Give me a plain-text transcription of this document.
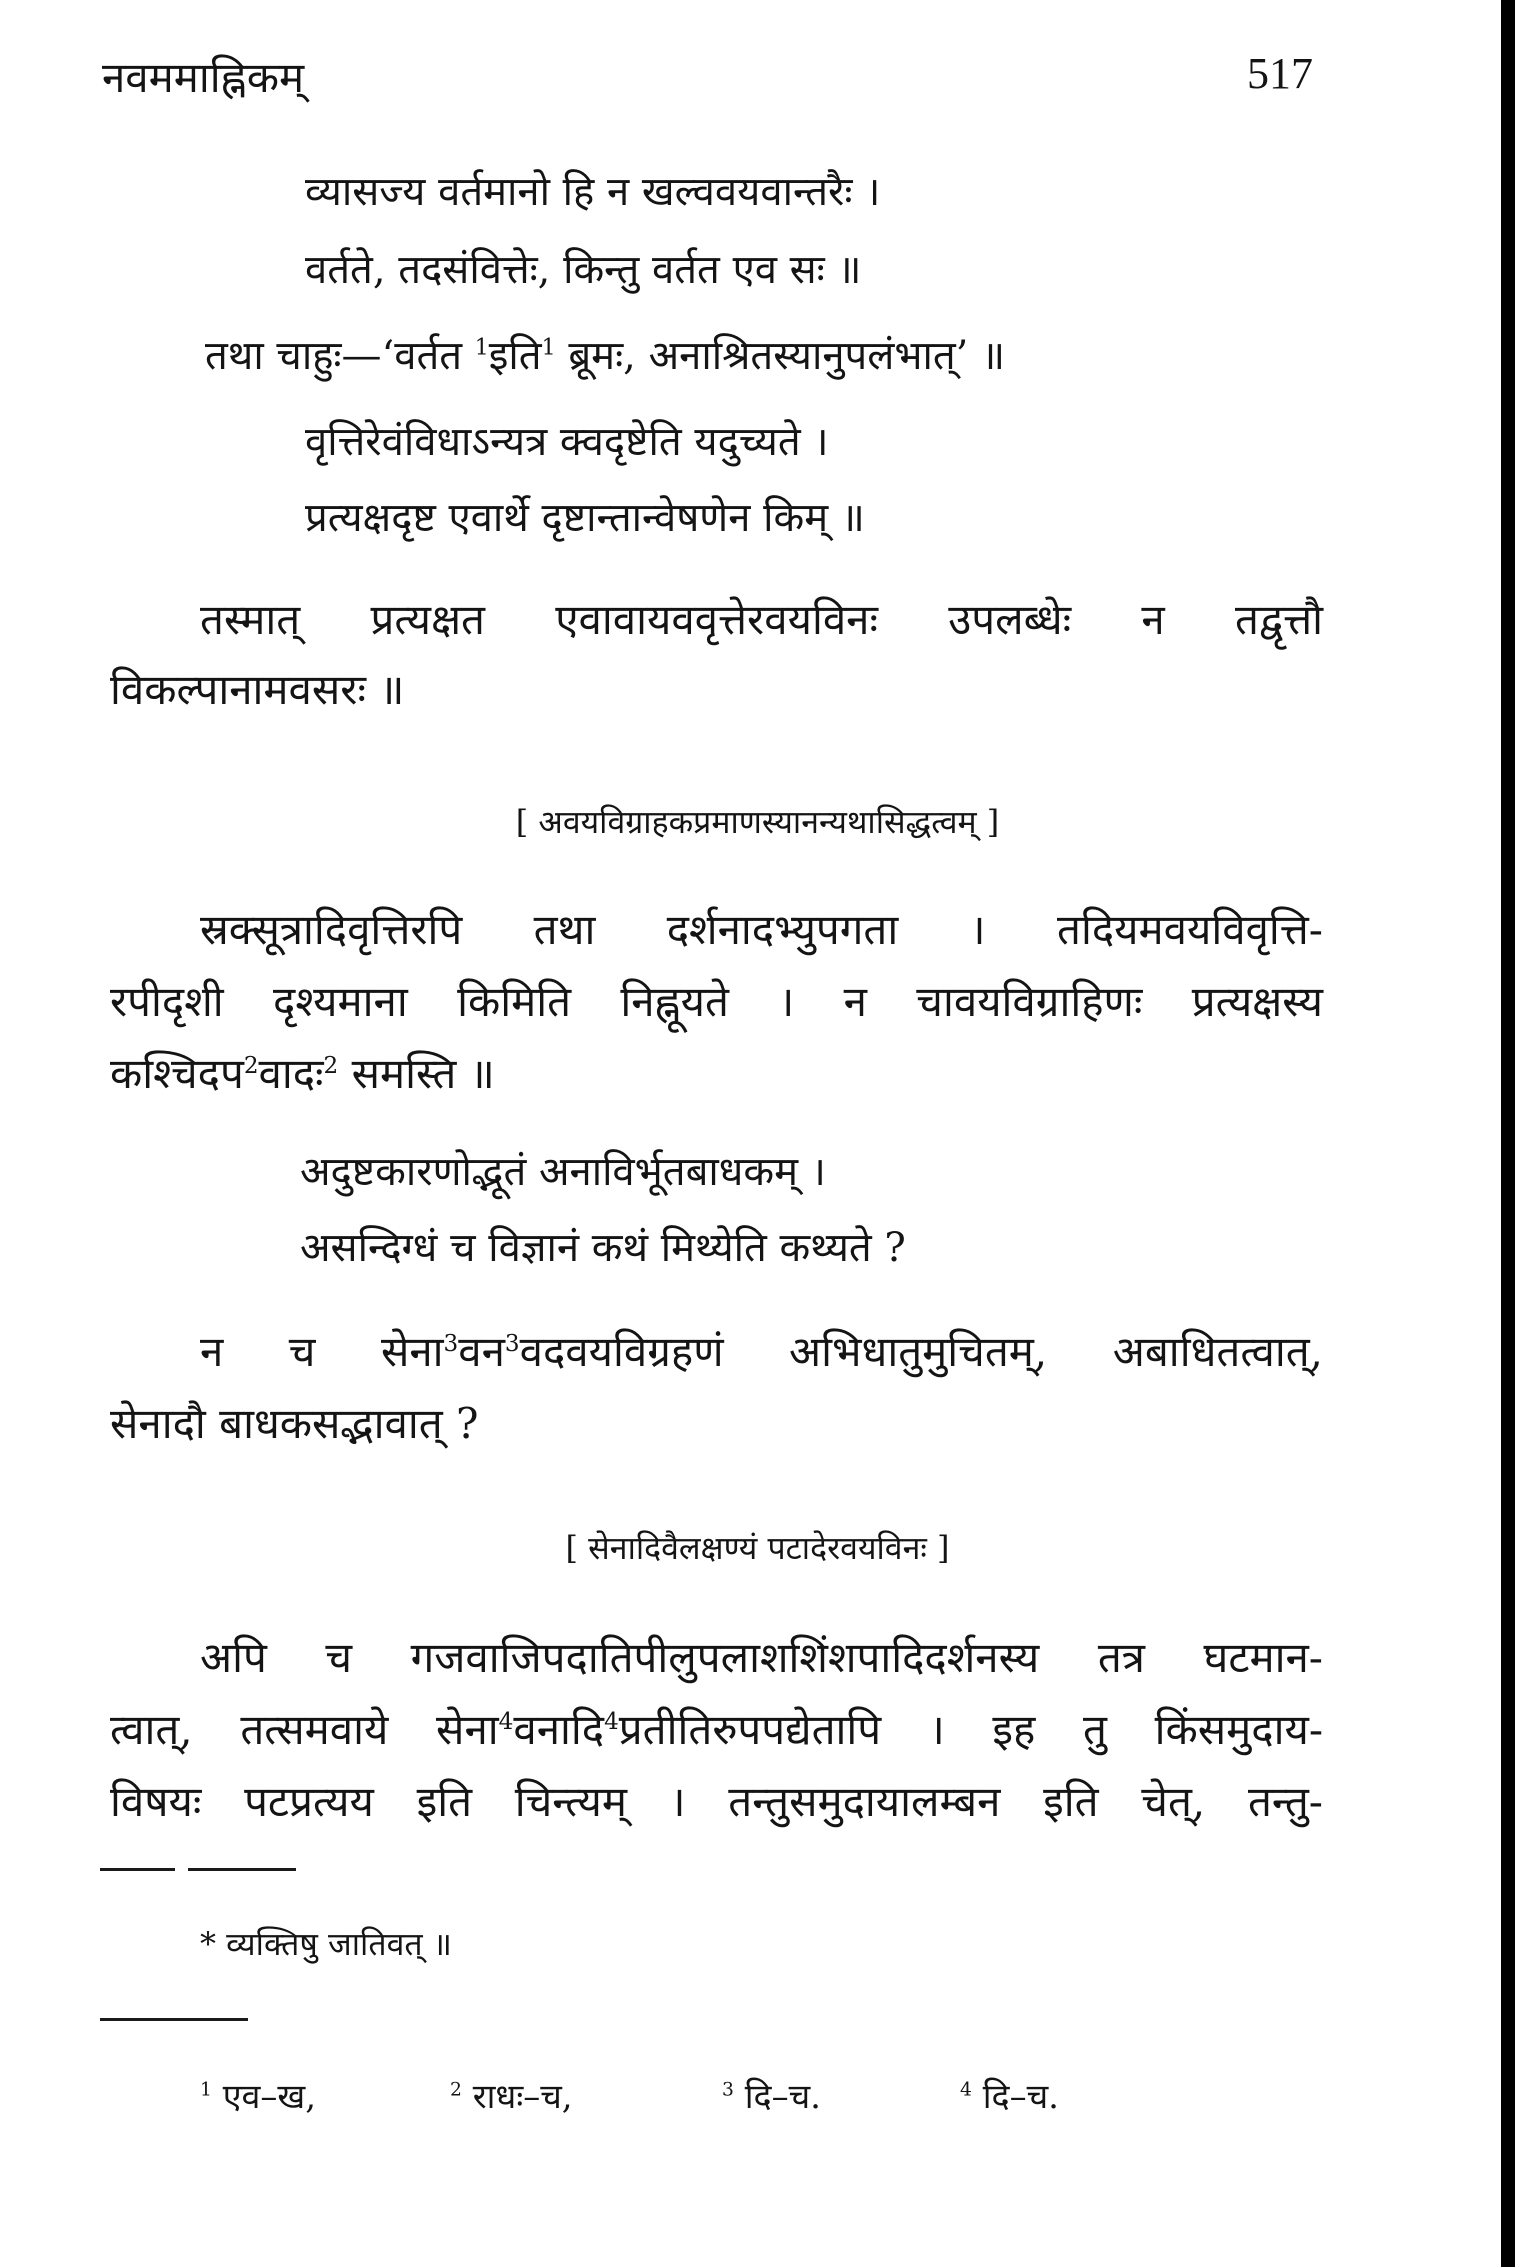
नवममाह्निकम्	517
व्यासज्य वर्तमानो हि न खल्ववयवान्तरैः ।
वर्तते, तदसंवित्तेः, किन्तु वर्तत एव सः ॥
तथा चाहुः—‘वर्तत $^1$इति$^1$ ब्रूमः, अनाश्रितस्यानुपलंभात्’ ॥
वृत्तिरेवंविधाऽन्यत्र क्वदृष्टेति यदुच्यते ।
प्रत्यक्षदृष्ट एवार्थे दृष्टान्तान्वेषणेन किम् ॥
तस्मात् प्रत्यक्षत एवावायववृत्तेरवयविनः उपलब्धेः न तद्वृत्तौ
विकल्पानामवसरः ॥
[ अवयविग्राहकप्रमाणस्यानन्यथासिद्धत्वम् ]
स्रक्सूत्रादिवृत्तिरपि तथा दर्शनादभ्युपगता । तदियमवयविवृत्ति-
रपीदृशी दृश्यमाना किमिति निह्नूयते । न चावयविग्राहिणः प्रत्यक्षस्य
कश्चिदप$^2$वादः$^2$ समस्ति ॥
अदुष्टकारणोद्भूतं अनाविर्भूतबाधकम् ।
असन्दिग्धं च विज्ञानं कथं मिथ्येति कथ्यते ?
न च सेना$^3$वन$^3$वदवयविग्रहणं अभिधातुमुचितम्, अबाधितत्वात्,
सेनादौ बाधकसद्भावात् ?
[ सेनादिवैलक्षण्यं पटादेरवयविनः ]
अपि च गजवाजिपदातिपीलुपलाशशिंशपादिदर्शनस्य तत्र घटमान-
त्वात्, तत्समवाये सेना$^4$वनादि$^4$प्रतीतिरुपपद्येतापि । इह तु किंसमुदाय-
विषयः पटप्रत्यय इति चिन्त्यम् । तन्तुसमुदायालम्बन इति चेत्, तन्तु-
* व्यक्तिषु जातिवत् ॥
$^1$ एव–ख,	$^2$ राधः–च,	$^3$ दि–च.	$^4$ दि–च.
